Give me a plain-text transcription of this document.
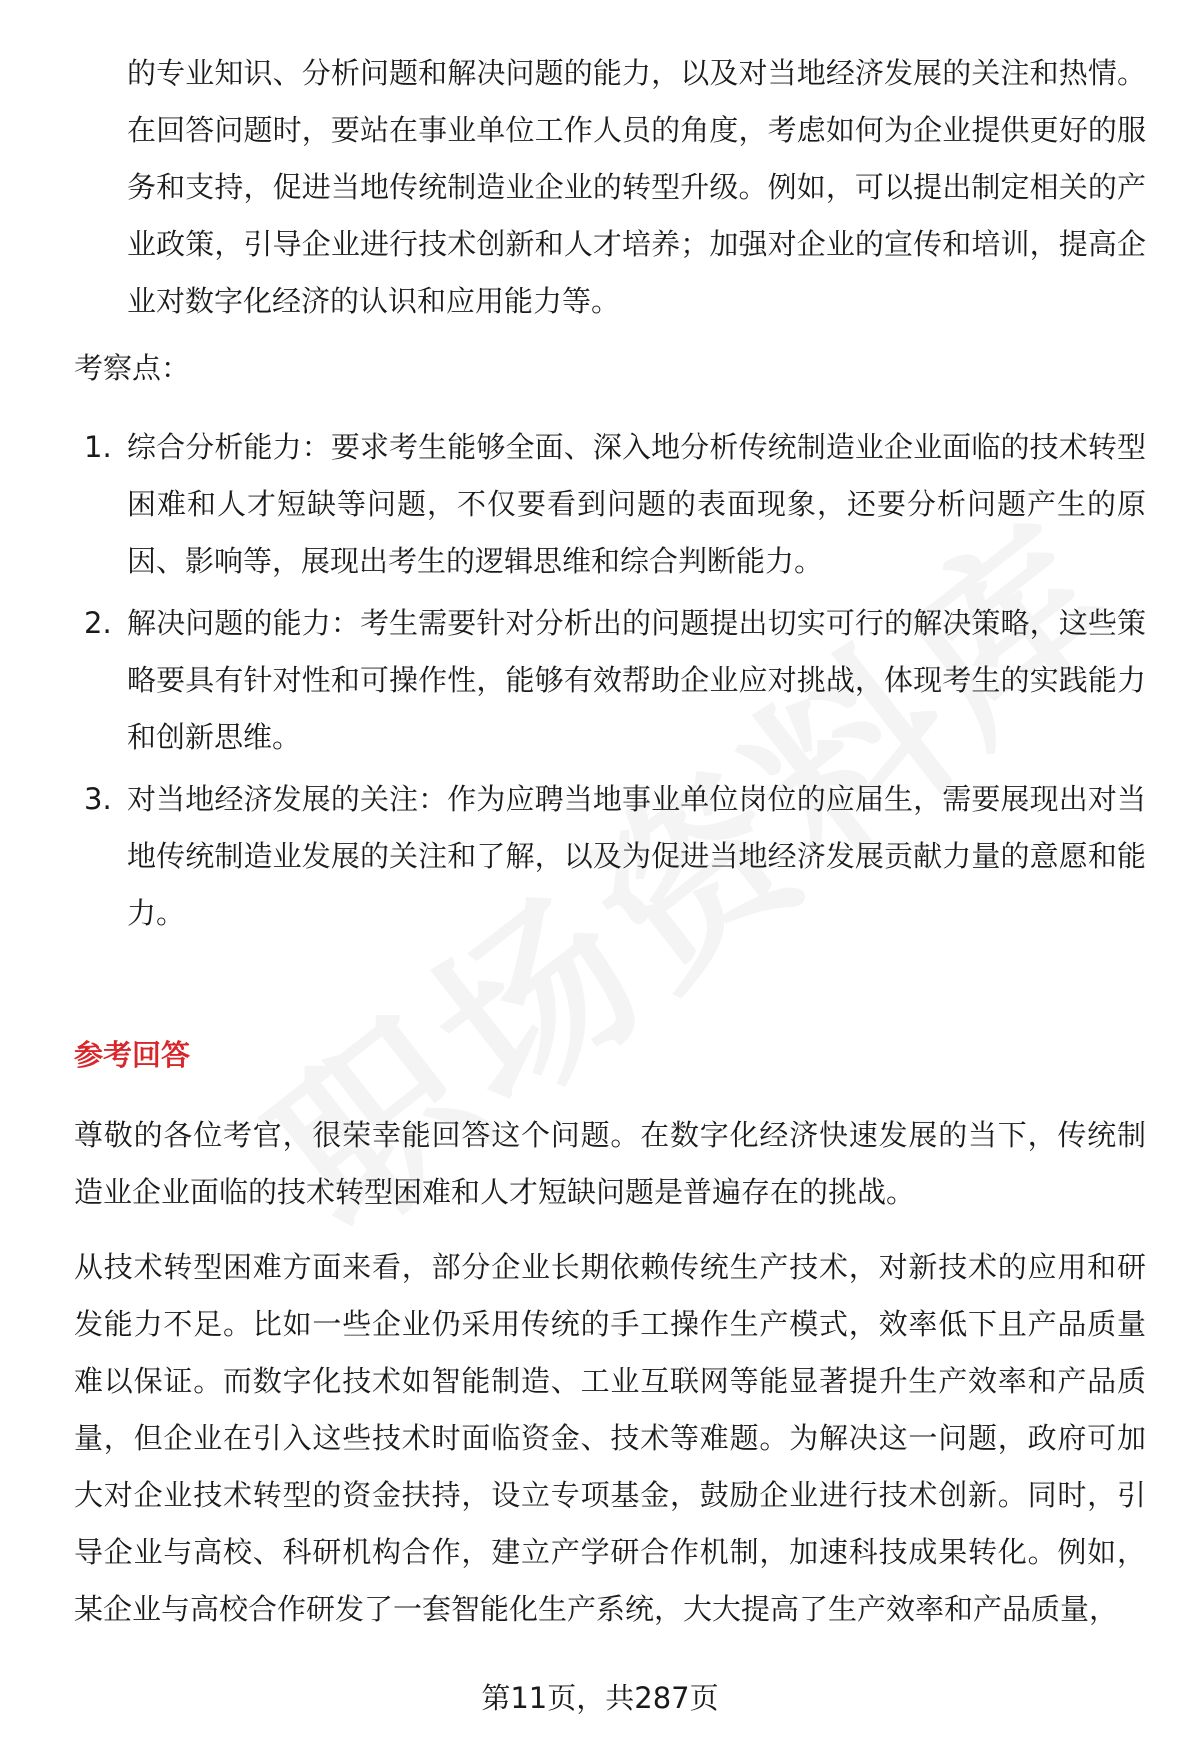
的专业知识、分析问题和解决问题的能力，以及对当地经济发展的关注和热情。在回答问题时，要站在事业单位工作人员的角度，考虑如何为企业提供更好的服务和支持，促进当地传统制造业企业的转型升级。例如，可以提出制定相关的产业政策，引导企业进行技术创新和人才培养；加强对企业的宣传和培训，提高企业对数字化经济的认识和应用能力等。

考察点：

1. 综合分析能力：要求考生能够全面、深入地分析传统制造业企业面临的技术转型困难和人才短缺等问题，不仅要看到问题的表面现象，还要分析问题产生的原因、影响等，展现出考生的逻辑思维和综合判断能力。
2. 解决问题的能力：考生需要针对分析出的问题提出切实可行的解决策略，这些策略要具有针对性和可操作性，能够有效帮助企业应对挑战，体现考生的实践能力和创新思维。
3. 对当地经济发展的关注：作为应聘当地事业单位岗位的应届生，需要展现出对当地传统制造业发展的关注和了解，以及为促进当地经济发展贡献力量的意愿和能力。

参考回答

尊敬的各位考官，很荣幸能回答这个问题。在数字化经济快速发展的当下，传统制造业企业面临的技术转型困难和人才短缺问题是普遍存在的挑战。

从技术转型困难方面来看，部分企业长期依赖传统生产技术，对新技术的应用和研发能力不足。比如一些企业仍采用传统的手工操作生产模式，效率低下且产品质量难以保证。而数字化技术如智能制造、工业互联网等能显著提升生产效率和产品质量，但企业在引入这些技术时面临资金、技术等难题。为解决这一问题，政府可加大对企业技术转型的资金扶持，设立专项基金，鼓励企业进行技术创新。同时，引导企业与高校、科研机构合作，建立产学研合作机制，加速科技成果转化。例如，某企业与高校合作研发了一套智能化生产系统，大大提高了生产效率和产品质量，

第11页，共287页
